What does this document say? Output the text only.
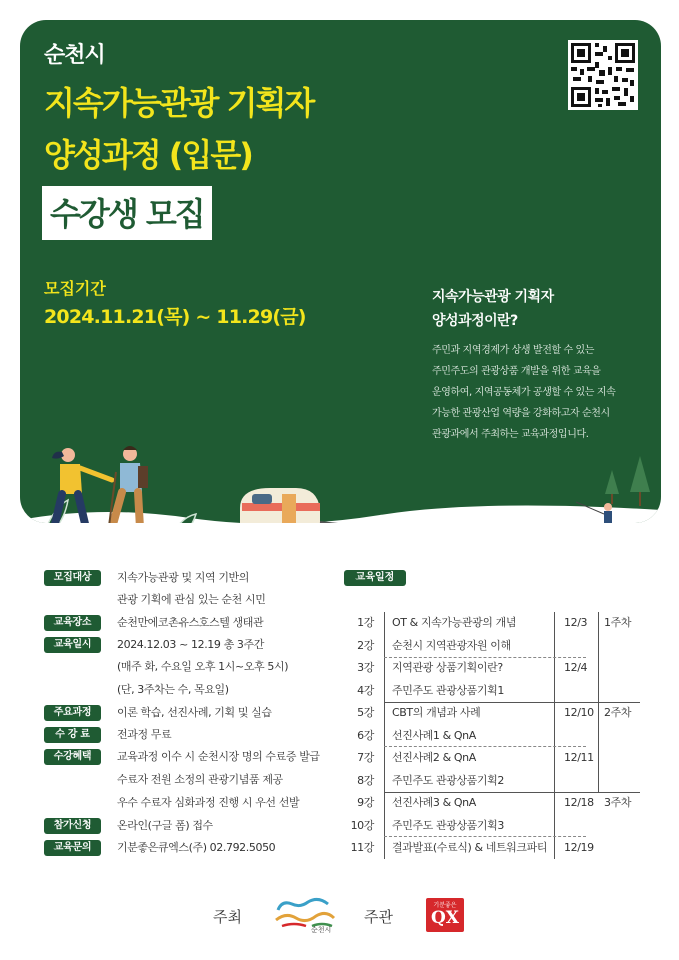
순천시
지속가능관광 기획자
양성과정 (입문)
수강생 모집
모집기간
2024.11.21(목) ~ 11.29(금)
지속가능관광 기획자
양성과정이란?
주민과 지역경제가 상생 발전할 수 있는
주민주도의 관광상품 개발을 위한 교육을
운영하여, 지역공동체가 공생할 수 있는 지속
가능한 관광산업 역량을 강화하고자 순천시
관광과에서 주최하는 교육과정입니다.
모집대상	지속가능관광 및 지역 기반의
관광 기획에 관심 있는 순천 시민
교육장소	순천만에코촌유스호스텔 생태관
교육일시	2024.12.03 ~ 12.19 총 3주간
(매주 화, 수요일 오후 1시~오후 5시)
(단, 3주차는 수, 목요일)
주요과정	이론 학습, 선진사례, 기획 및 실습
수 강 료	전과정 무료
수강혜택	교육과정 이수 시 순천시장 명의 수료증 발급
수료자 전원 소정의 관광기념품 제공
우수 수료자 심화과정 진행 시 우선 선발
참가신청	온라인(구글 폼) 접수
교육문의	기분좋은큐엑스(주) 02.792.5050
교육일정
1강 OT & 지속가능관광의 개념	12/3 1주차
2강 순천시 지역관광자원 이해
3강 지역관광 상품기획이란?	12/4
4강 주민주도 관광상품기획1
5강 CBT의 개념과 사례	12/10 2주차
6강 선진사례1 & QnA
7강 선진사례2 & QnA	12/11
8강 주민주도 관광상품기획2
9강 선진사례3 & QnA	12/18 3주차
10강 주민주도 관광상품기획3
11강 결과발표(수료식) & 네트워크파티 12/19
주최
순천시
주관
기분좋은
QX
